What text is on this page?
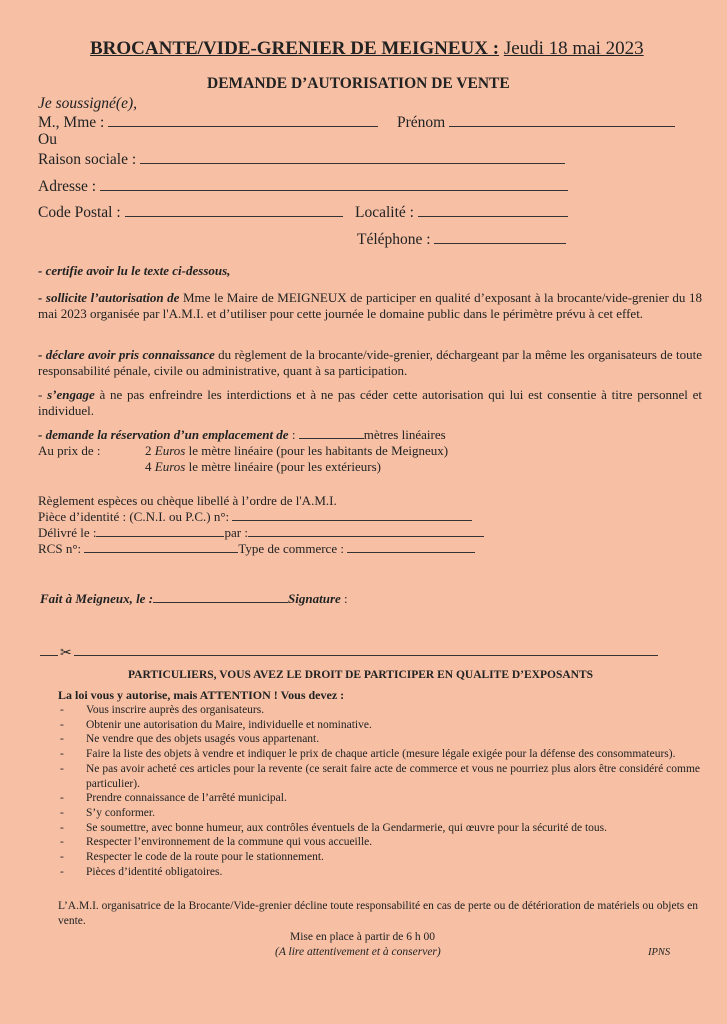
BROCANTE/VIDE-GRENIER DE MEIGNEUX : Jeudi 18 mai 2023
DEMANDE D’AUTORISATION DE VENTE
Je soussigné(e),
M., Mme :	Prénom
Ou
Raison sociale :
Adresse :
Code Postal :	Localité :
Téléphone :
- certifie avoir lu le texte ci-dessous,
- sollicite l’autorisation de Mme le Maire de MEIGNEUX de participer en qualité d’exposant à la brocante/vide-grenier du 18 mai 2023 organisée par l'A.M.I. et d’utiliser pour cette journée le domaine public dans le périmètre prévu à cet effet.
- déclare avoir pris connaissance du règlement de la brocante/vide-grenier, déchargeant par la même les organisateurs de toute responsabilité pénale, civile ou administrative, quant à sa participation.
- s’engage à ne pas enfreindre les interdictions et à ne pas céder cette autorisation qui lui est consentie à titre personnel et individuel.
- demande la réservation d’un emplacement de :	mètres linéaires
Au prix de :	2 Euros le mètre linéaire (pour les habitants de Meigneux)
4 Euros le mètre linéaire (pour les extérieurs)
Règlement espèces ou chèque libellé à l’ordre de l'A.M.I.
Pièce d’identité : (C.N.I. ou P.C.) n°:
Délivré le :	par :
RCS n°:	Type de commerce :
Fait à Meigneux, le :	Signature :
✂
PARTICULIERS, VOUS AVEZ LE DROIT DE PARTICIPER EN QUALITE D’EXPOSANTS
La loi vous y autorise, mais ATTENTION ! Vous devez :
-	Vous inscrire auprès des organisateurs.
-	Obtenir une autorisation du Maire, individuelle et nominative.
-	Ne vendre que des objets usagés vous appartenant.
-	Faire la liste des objets à vendre et indiquer le prix de chaque article (mesure légale exigée pour la défense des consommateurs).
-	Ne pas avoir acheté ces articles pour la revente (ce serait faire acte de commerce et vous ne pourriez plus alors être considéré comme particulier).
-	Prendre connaissance de l’arrêté municipal.
-	S’y conformer.
-	Se soumettre, avec bonne humeur, aux contrôles éventuels de la Gendarmerie, qui œuvre pour la sécurité de tous.
-	Respecter l’environnement de la commune qui vous accueille.
-	Respecter le code de la route pour le stationnement.
-	Pièces d’identité obligatoires.
L’A.M.I. organisatrice de la Brocante/Vide-grenier décline toute responsabilité en cas de perte ou de détérioration de matériels ou objets en vente.
Mise en place à partir de 6 h 00
(A lire attentivement et à conserver)	IPNS
